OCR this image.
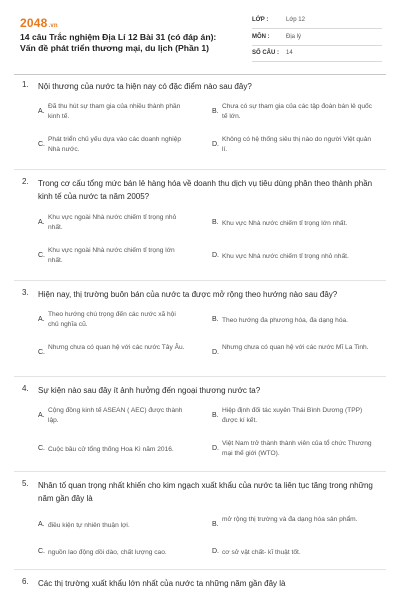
2048.vn
14 câu Trắc nghiệm Địa Lí 12 Bài 31 (có đáp án): Vấn đề phát triển thương mại, du lịch (Phần 1)
LỚP :	Lớp 12
MÔN :	Địa lý
SỐ CÂU : 14
1. Nội thương của nước ta hiện nay có đặc điểm nào sau đây?
A.
Đã thu hút sự tham gia của nhiều thành phần kinh tế.
B.
Chưa có sự tham gia của các tập đoàn bán lẻ quốc tế lớn.
C.
Phát triển chủ yếu dựa vào các doanh nghiệp Nhà nước.
D.
Không có hệ thống siêu thị nào do người Việt quản lí.
2. Trong cơ cấu tổng mức bán lẻ hàng hóa về doanh thu dịch vụ tiêu dùng phân theo thành phần kinh tế của nước ta năm 2005?
A.
Khu vực ngoài Nhà nước chiếm tỉ trọng nhỏ nhất.
B. Khu vực Nhà nước chiếm tỉ trọng lớn nhất.
C.
Khu vực ngoài Nhà nước chiếm tỉ trọng lớn nhất.
D. Khu vực Nhà nước chiếm tỉ trọng nhỏ nhất.
3. Hiện nay, thị trường buôn bán của nước ta được mở rộng theo hướng nào sau đây?
A.
Theo hướng chú trọng đến các nước xã hội chủ nghĩa cũ.
B. Theo hướng đa phương hóa, đa dạng hóa.
C.
Nhưng chưa có quan hệ với các nước Tây Âu.
D.
Nhưng chưa có quan hệ với các nước Mĩ La Tinh.
4. Sự kiện nào sau đây ít ảnh hưởng đến ngoại thương nước ta?
A.
Cộng đồng kinh tế ASEAN ( AEC) được thành lập.
B.
Hiệp định đối tác xuyên Thái Bình Dương (TPP) được kí kết.
C. Cuộc bầu cử tổng thống Hoa Kì năm 2016.	D.
Việt Nam trở thành thành viên của tổ chức Thương mại thế giới (WTO).
5. Nhân tố quan trọng nhất khiến cho kim ngạch xuất khẩu của nước ta liên tục tăng trong những năm gần đây là
A. điều kiện tự nhiên thuận lợi.	B.
mở rộng thị trường và đa dạng hóa sản phẩm.
C. nguồn lao động dồi dào, chất lượng cao.	D. cơ sở vật chất- kĩ thuật tốt.
6. Các thị trường xuất khẩu lớn nhất của nước ta những năm gần đây là
